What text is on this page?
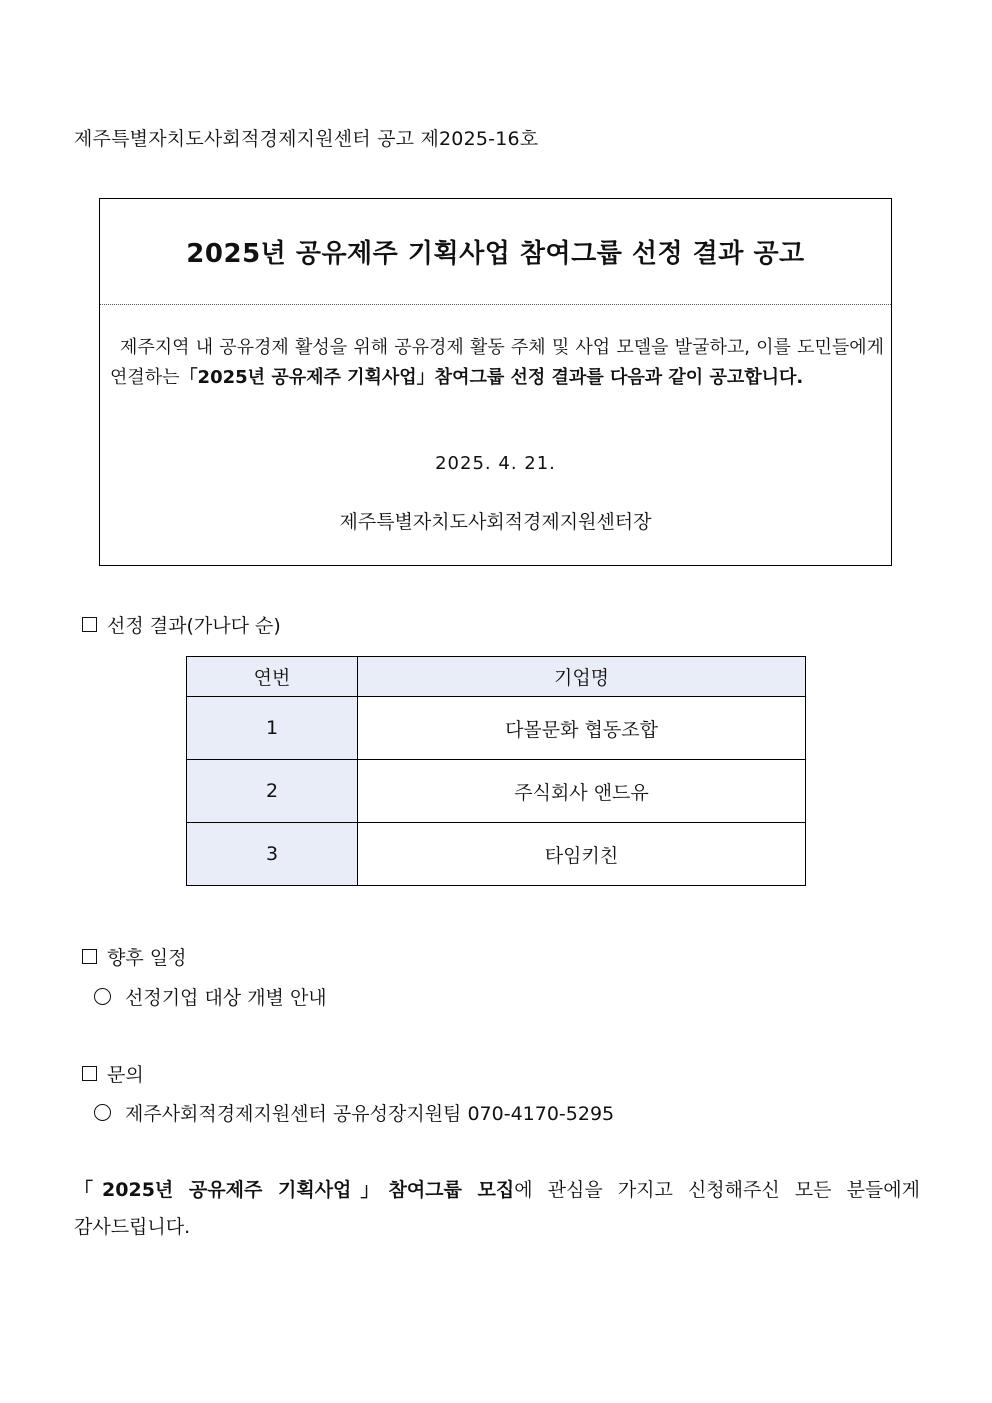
제주특별자치도사회적경제지원센터 공고 제2025-16호
2025년 공유제주 기획사업 참여그룹 선정 결과 공고
제주지역 내 공유경제 활성을 위해 공유경제 활동 주체 및 사업 모델을 발굴하고, 이를 도민들에게 연결하는「2025년 공유제주 기획사업」참여그룹 선정 결과를 다음과 같이 공고합니다.
2025. 4. 21.
제주특별자치도사회적경제지원센터장
선정 결과(가나다 순)
연번	기업명
1	다몰문화 협동조합
2	주식회사 앤드유
3	타임키친
향후 일정
선정기업 대상 개별 안내
문의
제주사회적경제지원센터 공유성장지원팀 070-4170-5295
「2025년 공유제주 기획사업」참여그룹 모집에 관심을 가지고 신청해주신 모든 분들에게 감사드립니다.
